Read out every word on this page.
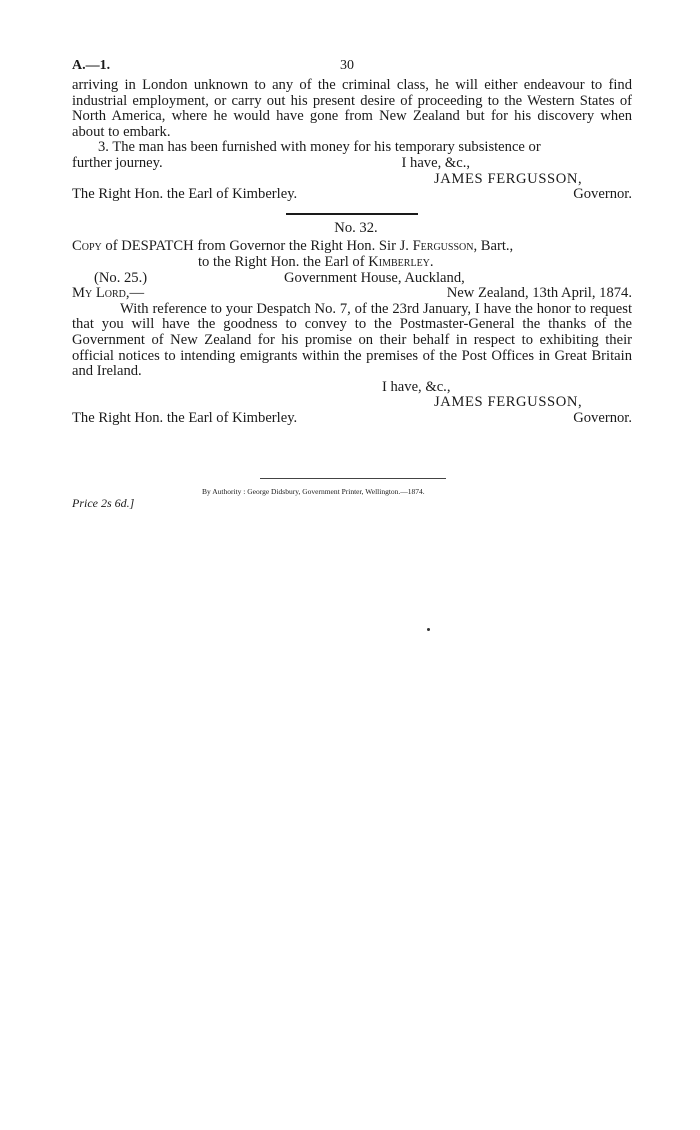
A.—1.	30

arriving in London unknown to any of the criminal class, he will either endeavour to find industrial employment, or carry out his present desire of proceeding to the Western States of North America, where he would have gone from New Zealand but for his discovery when about to embark.

3. The man has been furnished with money for his temporary subsistence or

further journey.	I have, &c.,
JAMES FERGUSSON,
The Right Hon. the Earl of Kimberley.	Governor.
No. 32.
Copy of DESPATCH from Governor the Right Hon. Sir J. Fergusson, Bart.,
to the Right Hon. the Earl of Kimberley.
(No. 25.)	Government House, Auckland,
My Lord,—	New Zealand, 13th April, 1874.

With reference to your Despatch No. 7, of the 23rd January, I have the honor to request that you will have the goodness to convey to the Postmaster-General the thanks of the Government of New Zealand for his promise on their behalf in respect to exhibiting their official notices to intending emigrants within the premises of the Post Offices in Great Britain and Ireland.

I have, &c.,
JAMES FERGUSSON,
The Right Hon. the Earl of Kimberley.	Governor.
By Authority : George Didsbury, Government Printer, Wellington.—1874.
Price 2s 6d.]
